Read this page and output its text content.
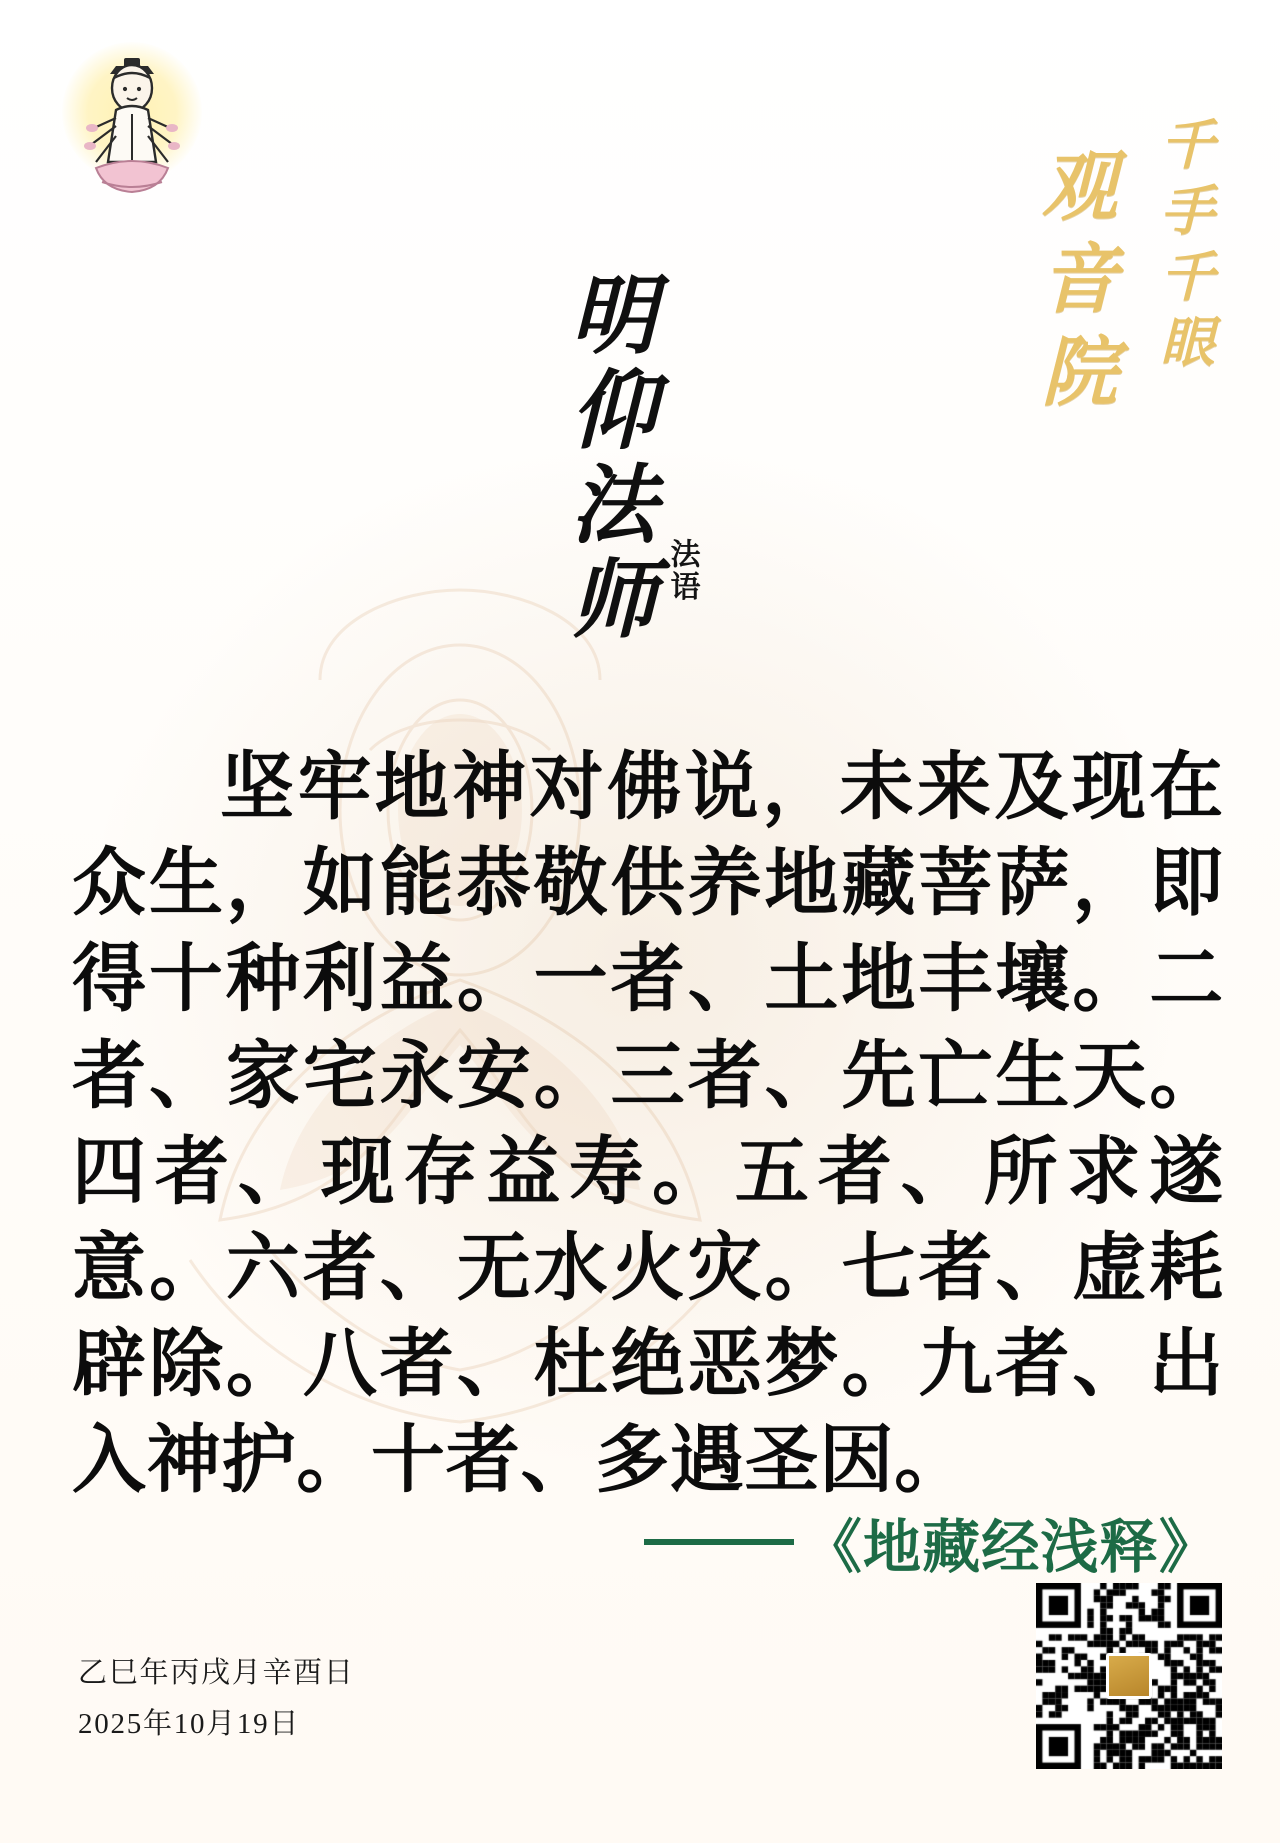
千手千眼
观音院
明仰法师 法语
坚牢地神对佛说，未来及现在众生，如能恭敬供养地藏菩萨，即得十种利益。一者、土地丰壤。二者、家宅永安。三者、先亡生天。四者、现存益寿。五者、所求遂意。六者、无水火灾。七者、虚耗辟除。八者、杜绝恶梦。九者、出入神护。十者、多遇圣因。
《地藏经浅释》
乙巳年丙戌月辛酉日
2025年10月19日
